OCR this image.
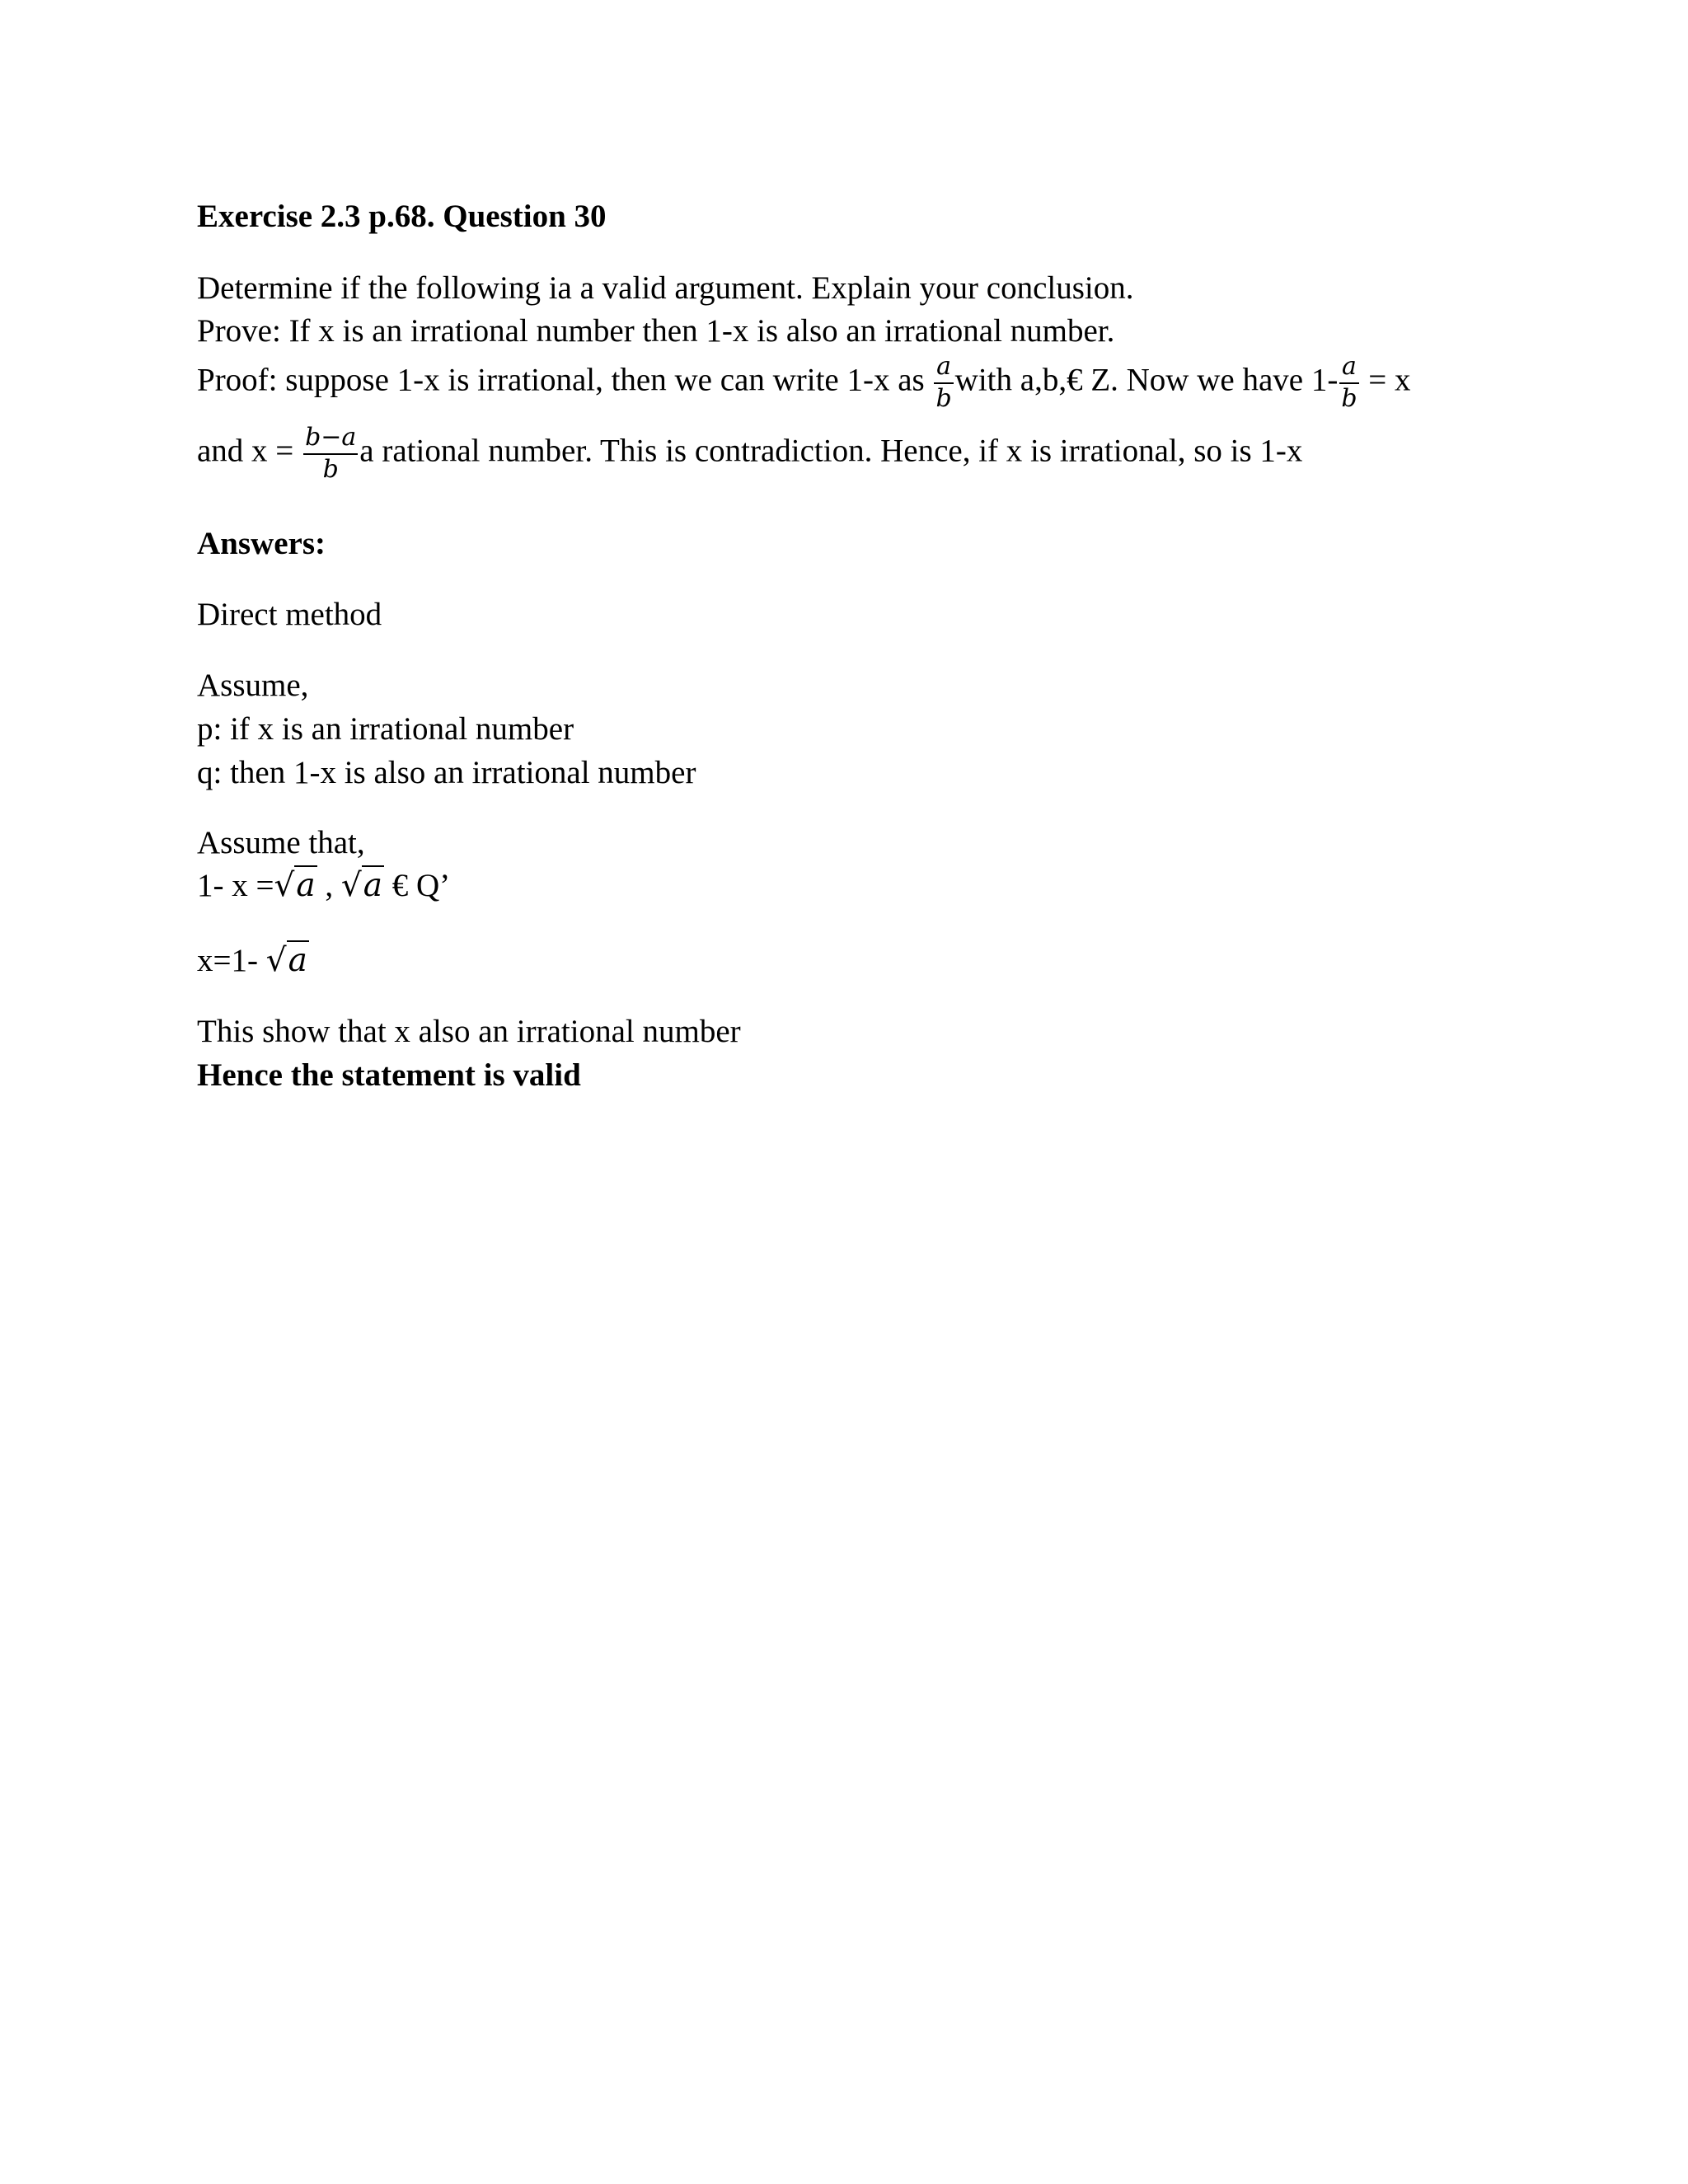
Exercise 2.3 p.68. Question 30
Determine if the following ia a valid argument. Explain your conclusion.
Prove: If x is an irrational number then 1-x is also an irrational number.
Proof: suppose 1-x is irrational, then we can write 1-x as $\frac{a}{b}$ with a,b,€ Z. Now we have $1- \frac{a}{b} = x$
and $x = \frac{b-a}{b}$ a rational number. This is contradiction. Hence, if x is irrational, so is 1-x
Answers:
Direct method
Assume,
p: if x is an irrational number
q: then 1-x is also an irrational number
Assume that,
1- x =√a , √a € Q’
x=1- √a
This show that x also an irrational number
Hence the statement is valid
